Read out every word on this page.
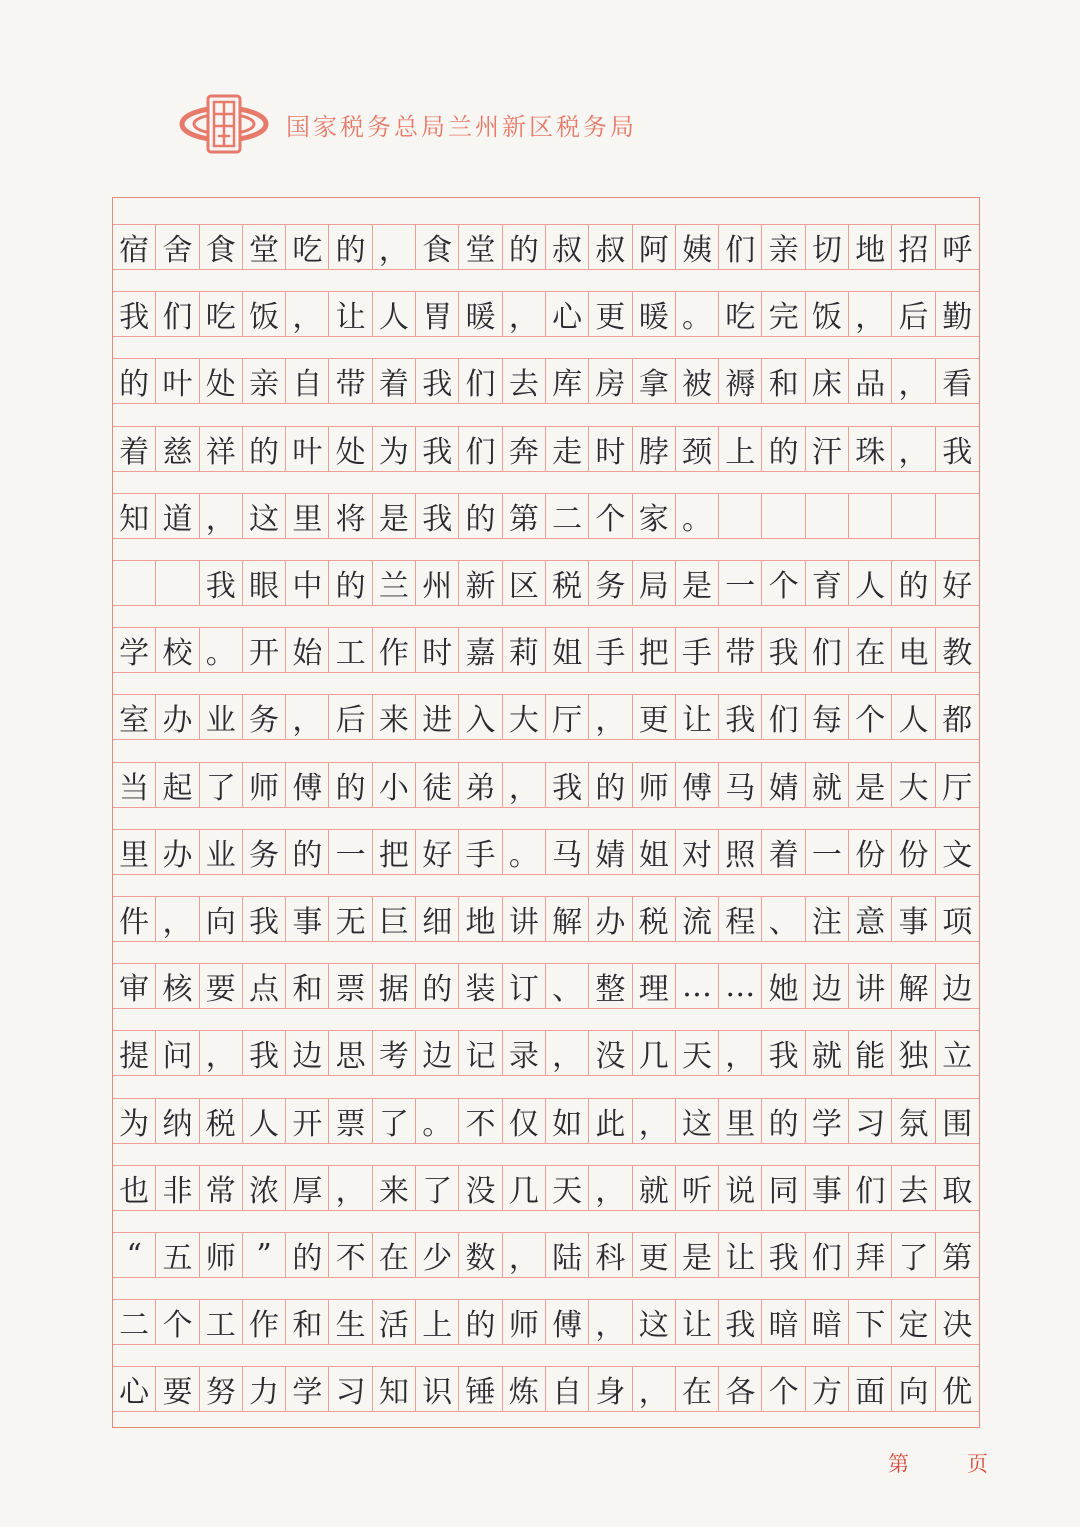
国家税务总局兰州新区税务局
宿 舍 食 堂 吃 的 ， 食 堂 的 叔 叔 阿 姨 们 亲 切 地 招 呼
我 们 吃 饭 ， 让 人 胃 暖 ， 心 更 暖 。 吃 完 饭 ， 后 勤
的 叶 处 亲 自 带 着 我 们 去 库 房 拿 被 褥 和 床 品 ， 看
着 慈 祥 的 叶 处 为 我 们 奔 走 时 脖 颈 上 的 汗 珠 ， 我
知 道 ， 这 里 将 是 我 的 第 二 个 家 。

我 眼 中 的 兰 州 新 区 税 务 局 是 一 个 育 人 的 好
学 校 。 开 始 工 作 时 嘉 莉 姐 手 把 手 带 我 们 在 电 教
室 办 业 务 ， 后 来 进 入 大 厅 ， 更 让 我 们 每 个 人 都
当 起 了 师 傅 的 小 徒 弟 ， 我 的 师 傅 马 婧 就 是 大 厅
里 办 业 务 的 一 把 好 手 。 马 婧 姐 对 照 着 一 份 份 文
件 ， 向 我 事 无 巨 细 地 讲 解 办 税 流 程 、 注 意 事 项
审 核 要 点 和 票 据 的 装 订 、 整 理 … … 她 边 讲 解 边
提 问 ， 我 边 思 考 边 记 录 ， 没 几 天 ， 我 就 能 独 立
为 纳 税 人 开 票 了 。 不 仅 如 此 ， 这 里 的 学 习 氛 围
也 非 常 浓 厚 ， 来 了 没 几 天 ， 就 听 说 同 事 们 去 取
“ 五 师 ” 的 不 在 少 数 ， 陆 科 更 是 让 我 们 拜 了 第
二 个 工 作 和 生 活 上 的 师 傅 ， 这 让 我 暗 暗 下 定 决
心 要 努 力 学 习 知 识 锤 炼 自 身 ， 在 各 个 方 面 向 优
第	页
